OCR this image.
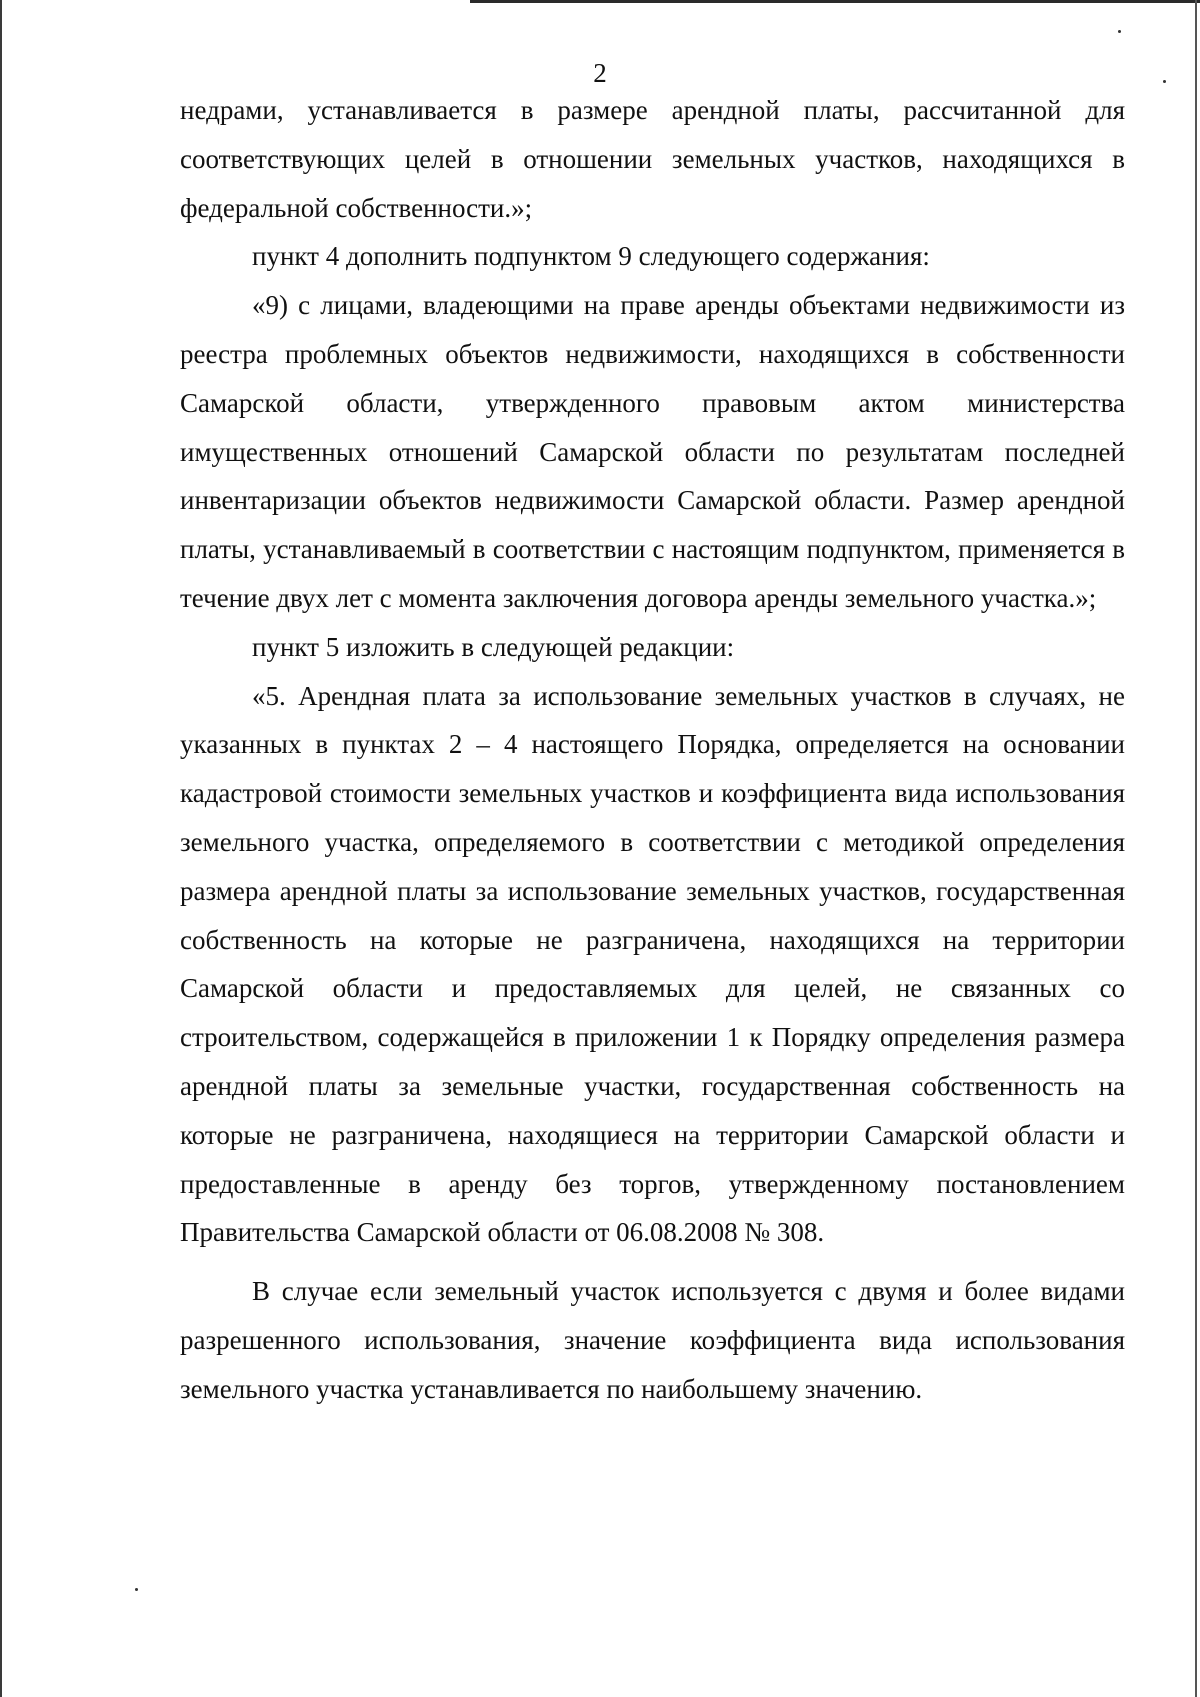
2

недрами, устанавливается в размере арендной платы, рассчитанной для соответствующих целей в отношении земельных участков, находящихся в федеральной собственности.»;

пункт 4 дополнить подпунктом 9 следующего содержания:

«9) с лицами, владеющими на праве аренды объектами недвижимости из реестра проблемных объектов недвижимости, находящихся в собственности Самарской области, утвержденного правовым актом министерства имущественных отношений Самарской области по результатам последней инвентаризации объектов недвижимости Самарской области. Размер арендной платы, устанавливаемый в соответствии с настоящим подпунктом, применяется в течение двух лет с момента заключения договора аренды земельного участка.»;

пункт 5 изложить в следующей редакции:

«5. Арендная плата за использование земельных участков в случаях, не указанных в пунктах 2 – 4 настоящего Порядка, определяется на основании кадастровой стоимости земельных участков и коэффициента вида использования земельного участка, определяемого в соответствии с методикой определения размера арендной платы за использование земельных участков, государственная собственность на которые не разграничена, находящихся на территории Самарской области и предоставляемых для целей, не связанных со строительством, содержащейся в приложении 1 к Порядку определения размера арендной платы за земельные участки, государственная собственность на которые не разграничена, находящиеся на территории Самарской области и предоставленные в аренду без торгов, утвержденному постановлением Правительства Самарской области от 06.08.2008 № 308.

В случае если земельный участок используется с двумя и более видами разрешенного использования, значение коэффициента вида использования земельного участка устанавливается по наибольшему значению.
